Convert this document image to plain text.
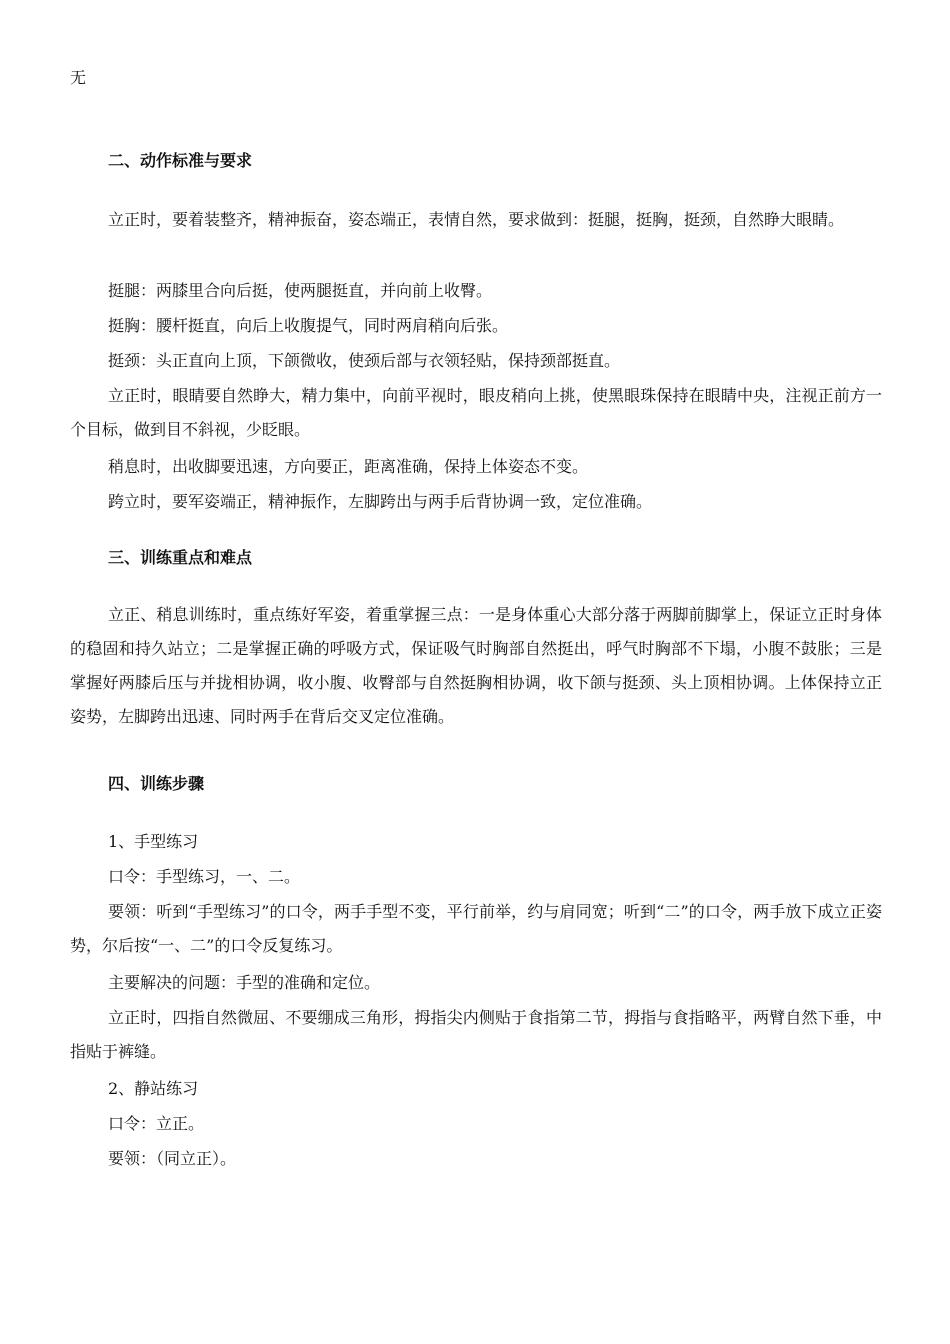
无

二、动作标准与要求

立正时，要着装整齐，精神振奋，姿态端正，表情自然，要求做到：挺腿，挺胸，挺颈，自然睁大眼睛。

挺腿：两膝里合向后挺，使两腿挺直，并向前上收臀。

挺胸：腰杆挺直，向后上收腹提气，同时两肩稍向后张。

挺颈：头正直向上顶，下颌微收，使颈后部与衣领轻贴，保持颈部挺直。

立正时，眼睛要自然睁大，精力集中，向前平视时，眼皮稍向上挑，使黑眼珠保持在眼睛中央，注视正前方一个目标，做到目不斜视，少眨眼。

稍息时，出收脚要迅速，方向要正，距离准确，保持上体姿态不变。

跨立时，要军姿端正，精神振作，左脚跨出与两手后背协调一致，定位准确。

三、训练重点和难点

立正、稍息训练时，重点练好军姿，着重掌握三点：一是身体重心大部分落于两脚前脚掌上，保证立正时身体的稳固和持久站立；二是掌握正确的呼吸方式，保证吸气时胸部自然挺出，呼气时胸部不下塌，小腹不鼓胀；三是掌握好两膝后压与并拢相协调，收小腹、收臀部与自然挺胸相协调，收下颌与挺颈、头上顶相协调。上体保持立正姿势，左脚跨出迅速、同时两手在背后交叉定位准确。

四、训练步骤

1、手型练习

口令：手型练习，一、二。

要领：听到“手型练习”的口令，两手手型不变，平行前举，约与肩同宽；听到“二”的口令，两手放下成立正姿势，尔后按“一、二”的口令反复练习。

主要解决的问题：手型的准确和定位。

立正时，四指自然微屈、不要绷成三角形，拇指尖内侧贴于食指第二节，拇指与食指略平，两臂自然下垂，中指贴于裤缝。

2、静站练习

口令：立正。

要领：（同立正）。
